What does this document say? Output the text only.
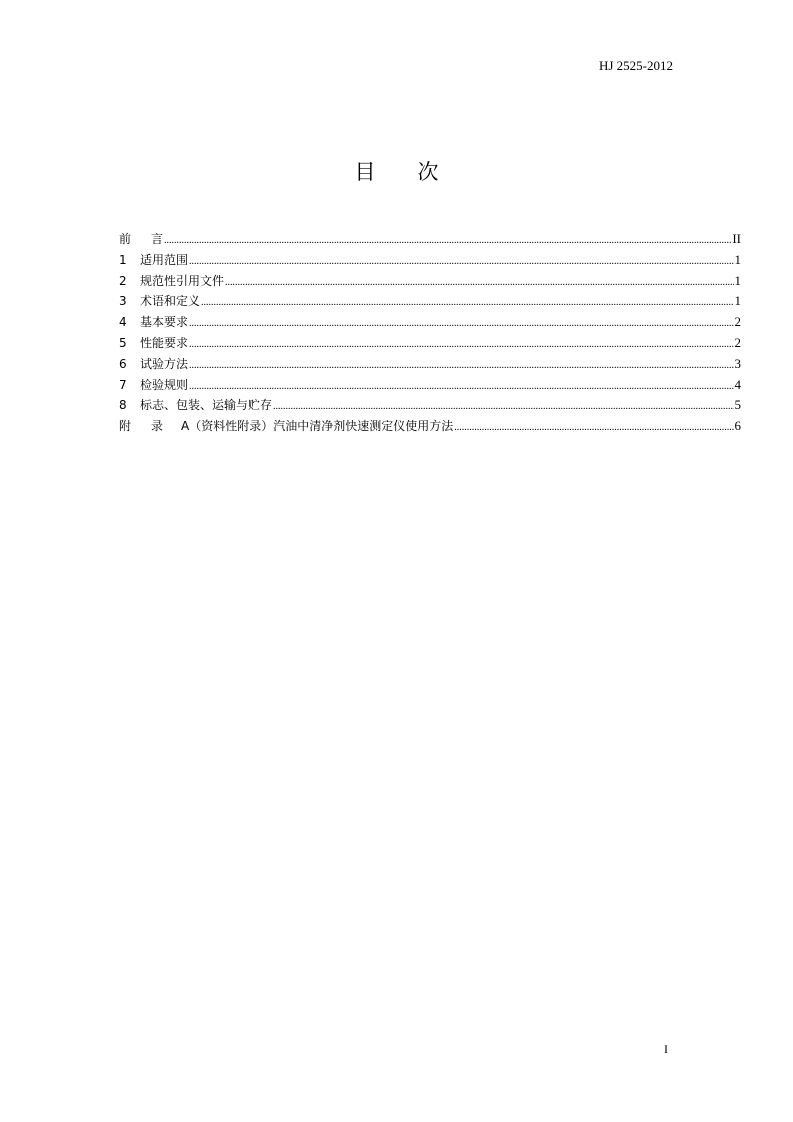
HJ 2525-2012
目 次
前 言 .....	II
1	适用范围 .....	1
2	规范性引用文件 .....	1
3	术语和定义 .....	1
4	基本要求 .....	2
5	性能要求 .....	2
6	试验方法 .....	3
7	检验规则 .....	4
8	标志、包装、运输与贮存 .....	5
附 录	A（资料性附录）汽油中清净剂快速测定仪使用方法 .....	6
I
